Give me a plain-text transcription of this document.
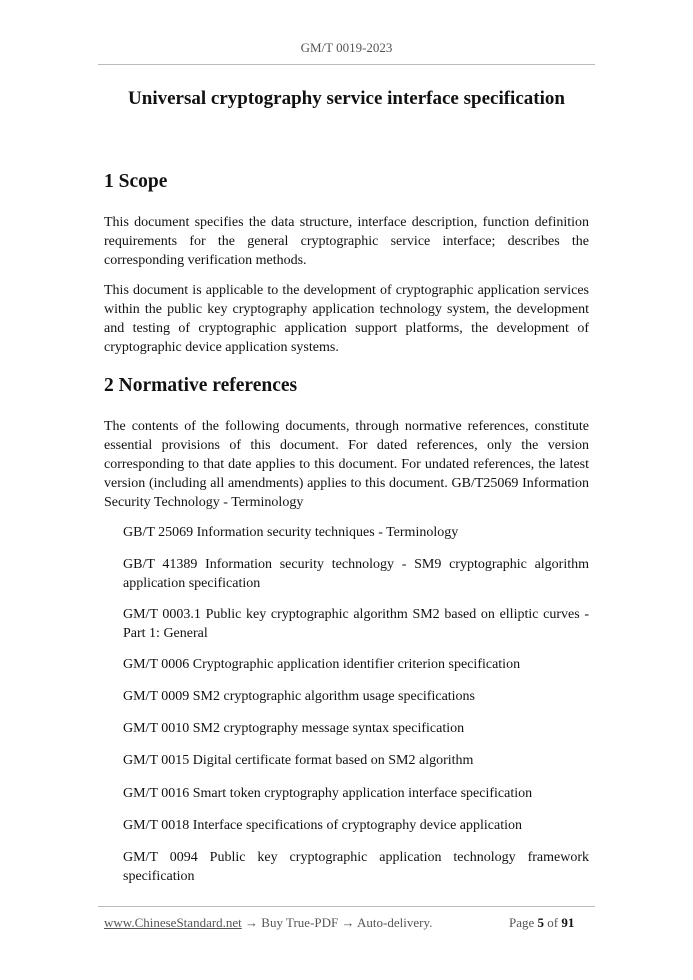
GM/T 0019-2023
Universal cryptography service interface specification
1 Scope

This document specifies the data structure, interface description, function definition requirements for the general cryptographic service interface; describes the corresponding verification methods.

This document is applicable to the development of cryptographic application services within the public key cryptography application technology system, the development and testing of cryptographic application support platforms, the development of cryptographic device application systems.

2 Normative references

The contents of the following documents, through normative references, constitute essential provisions of this document. For dated references, only the version corresponding to that date applies to this document. For undated references, the latest version (including all amendments) applies to this document. GB/T25069 Information Security Technology - Terminology

GB/T 25069 Information security techniques - Terminology

GB/T 41389 Information security technology - SM9 cryptographic algorithm application specification

GM/T 0003.1 Public key cryptographic algorithm SM2 based on elliptic curves - Part 1: General

GM/T 0006 Cryptographic application identifier criterion specification

GM/T 0009 SM2 cryptographic algorithm usage specifications

GM/T 0010 SM2 cryptography message syntax specification

GM/T 0015 Digital certificate format based on SM2 algorithm

GM/T 0016 Smart token cryptography application interface specification

GM/T 0018 Interface specifications of cryptography device application

GM/T 0094 Public key cryptographic application technology framework specification

www.ChineseStandard.net → Buy True-PDF → Auto-delivery.	Page 5 of 91
